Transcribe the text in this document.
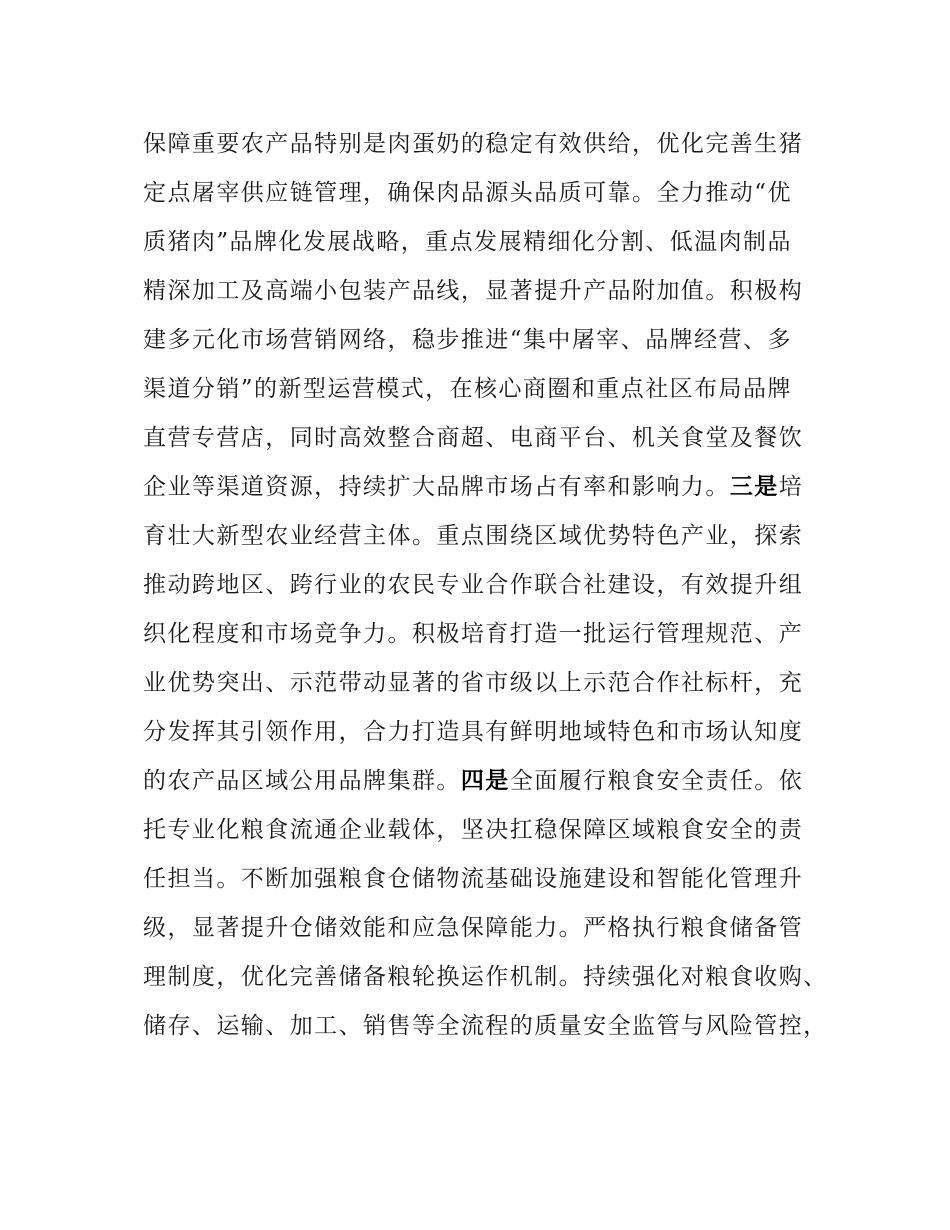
保障重要农产品特别是肉蛋奶的稳定有效供给，优化完善生猪
定点屠宰供应链管理，确保肉品源头品质可靠。全力推动“优
质猪肉”品牌化发展战略，重点发展精细化分割、低温肉制品
精深加工及高端小包装产品线，显著提升产品附加值。积极构
建多元化市场营销网络，稳步推进“集中屠宰、品牌经营、多
渠道分销”的新型运营模式，在核心商圈和重点社区布局品牌
直营专营店，同时高效整合商超、电商平台、机关食堂及餐饮
企业等渠道资源，持续扩大品牌市场占有率和影响力。三是培
育壮大新型农业经营主体。重点围绕区域优势特色产业，探索
推动跨地区、跨行业的农民专业合作联合社建设，有效提升组
织化程度和市场竞争力。积极培育打造一批运行管理规范、产
业优势突出、示范带动显著的省市级以上示范合作社标杆，充
分发挥其引领作用，合力打造具有鲜明地域特色和市场认知度
的农产品区域公用品牌集群。四是全面履行粮食安全责任。依
托专业化粮食流通企业载体，坚决扛稳保障区域粮食安全的责
任担当。不断加强粮食仓储物流基础设施建设和智能化管理升
级，显著提升仓储效能和应急保障能力。严格执行粮食储备管
理制度，优化完善储备粮轮换运作机制。持续强化对粮食收购、
储存、运输、加工、销售等全流程的质量安全监管与风险管控，
